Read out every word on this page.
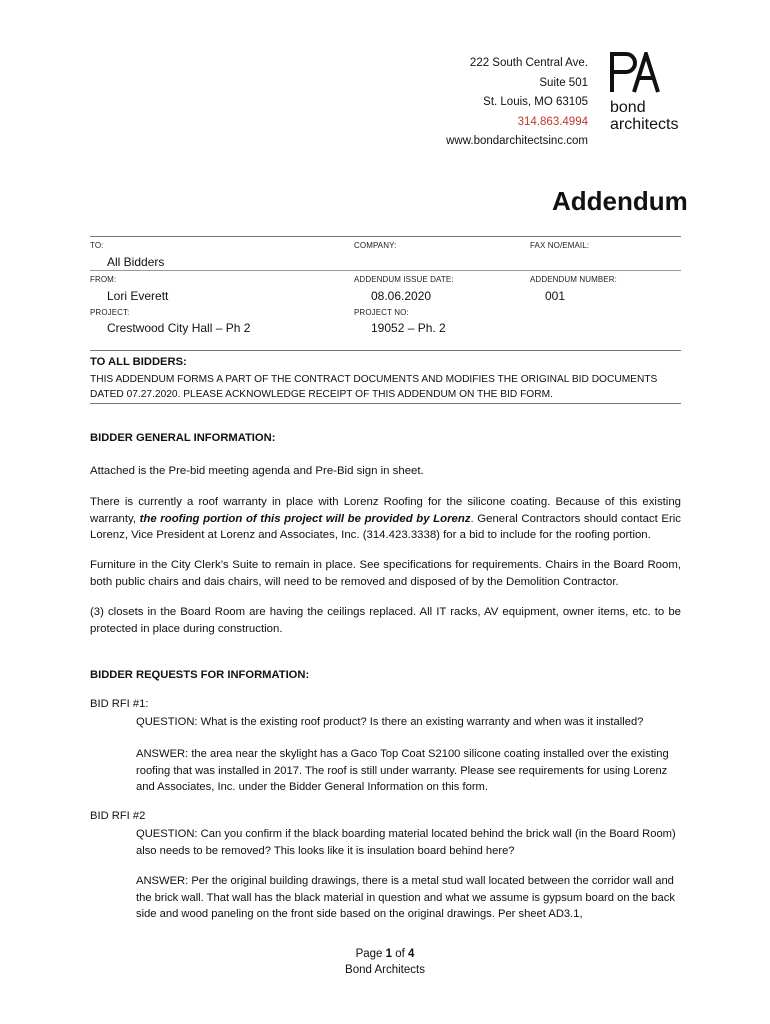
222 South Central Ave.
Suite 501
St. Louis, MO 63105
314.863.4994
www.bondarchitectsinc.com
bond
architects
Addendum
TO:	COMPANY:	FAX NO/EMAIL:
All Bidders
FROM:	ADDENDUM ISSUE DATE:	ADDENDUM NUMBER:
Lori Everett	08.06.2020	001
PROJECT:	PROJECT NO:
Crestwood City Hall – Ph 2	19052 – Ph. 2
TO ALL BIDDERS:
THIS ADDENDUM FORMS A PART OF THE CONTRACT DOCUMENTS AND MODIFIES THE ORIGINAL BID DOCUMENTS
DATED 07.27.2020. PLEASE ACKNOWLEDGE RECEIPT OF THIS ADDENDUM ON THE BID FORM.
BIDDER GENERAL INFORMATION:
Attached is the Pre-bid meeting agenda and Pre-Bid sign in sheet.
There is currently a roof warranty in place with Lorenz Roofing for the silicone coating. Because of this existing warranty, the roofing portion of this project will be provided by Lorenz. General Contractors should contact Eric Lorenz, Vice President at Lorenz and Associates, Inc. (314.423.3338) for a bid to include for the roofing portion.
Furniture in the City Clerk’s Suite to remain in place. See specifications for requirements. Chairs in the Board Room, both public chairs and dais chairs, will need to be removed and disposed of by the Demolition Contractor.
(3) closets in the Board Room are having the ceilings replaced. All IT racks, AV equipment, owner items, etc. to be protected in place during construction.
BIDDER REQUESTS FOR INFORMATION:
BID RFI #1:
QUESTION: What is the existing roof product? Is there an existing warranty and when was it installed?
ANSWER: the area near the skylight has a Gaco Top Coat S2100 silicone coating installed over the existing roofing that was installed in 2017. The roof is still under warranty. Please see requirements for using Lorenz and Associates, Inc. under the Bidder General Information on this form.
BID RFI #2
QUESTION: Can you confirm if the black boarding material located behind the brick wall (in the Board Room) also needs to be removed? This looks like it is insulation board behind here?
ANSWER: Per the original building drawings, there is a metal stud wall located between the corridor wall and the brick wall. That wall has the black material in question and what we assume is gypsum board on the back side and wood paneling on the front side based on the original drawings. Per sheet AD3.1,
Page 1 of 4
Bond Architects
